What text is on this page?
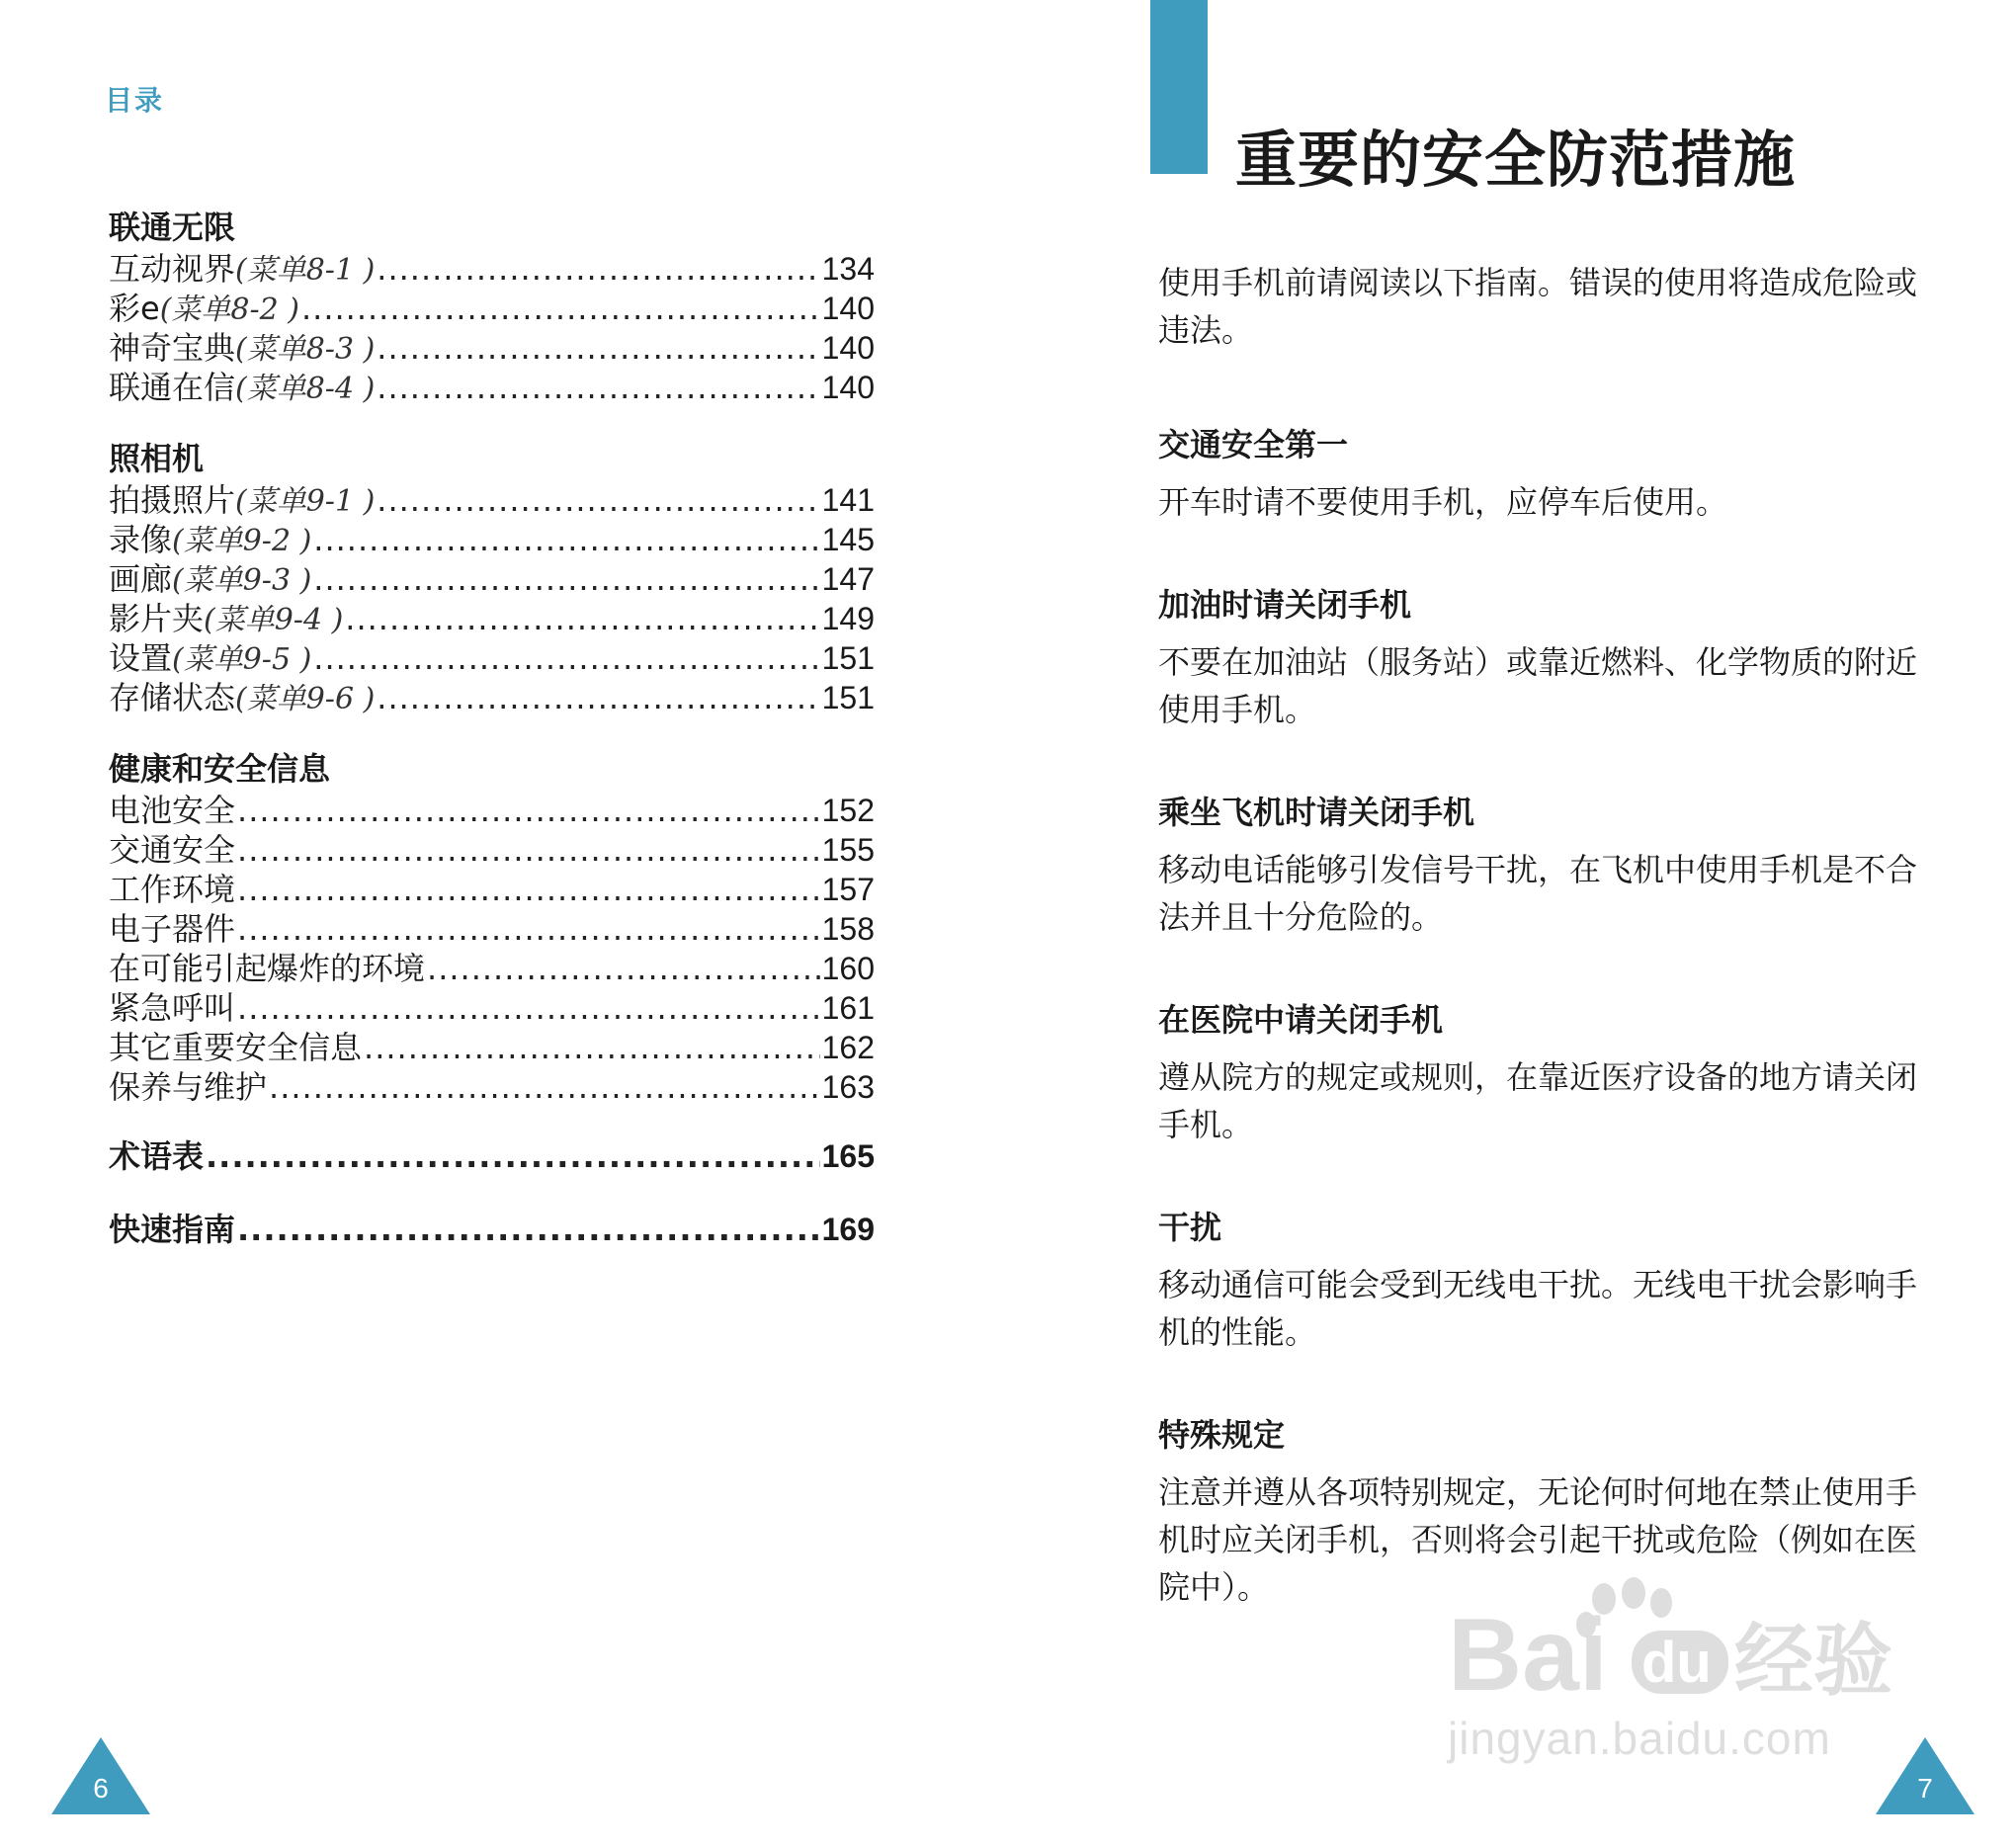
目录
联通无限
互动视界 (菜单8-1 ) .....	134
彩e (菜单8-2 ) .....	140
神奇宝典 (菜单8-3 ) .....	140
联通在信 (菜单8-4 ) .....	140
照相机
拍摄照片 (菜单9-1 ) .....	141
录像 (菜单9-2 ) .....	145
画廊 (菜单9-3 ) .....	147
影片夹 (菜单9-4 ) .....	149
设置 (菜单9-5 ) .....	151
存储状态 (菜单9-6 ) .....	151
健康和安全信息
电池安全 .....	152
交通安全 .....	155
工作环境 .....	157
电子器件 .....	158
在可能引起爆炸的环境 .....	160
紧急呼叫 .....	161
其它重要安全信息 .....	162
保养与维护 .....	163
术语表 .....	165
快速指南 .....	169
6
重要的安全防范措施

使用手机前请阅读以下指南。错误的使用将造成危险或违法。

交通安全第一

开车时请不要使用手机，应停车后使用。

加油时请关闭手机

不要在加油站（服务站）或靠近燃料、化学物质的附近使用手机。

乘坐飞机时请关闭手机

移动电话能够引发信号干扰，在飞机中使用手机是不合法并且十分危险的。

在医院中请关闭手机

遵从院方的规定或规则，在靠近医疗设备的地方请关闭手机。

干扰

移动通信可能会受到无线电干扰。无线电干扰会影响手机的性能。

特殊规定

注意并遵从各项特别规定，无论何时何地在禁止使用手机时应关闭手机，否则将会引起干扰或危险（例如在医院中）。

7
Bai du 经验
jingyan.baidu.com
